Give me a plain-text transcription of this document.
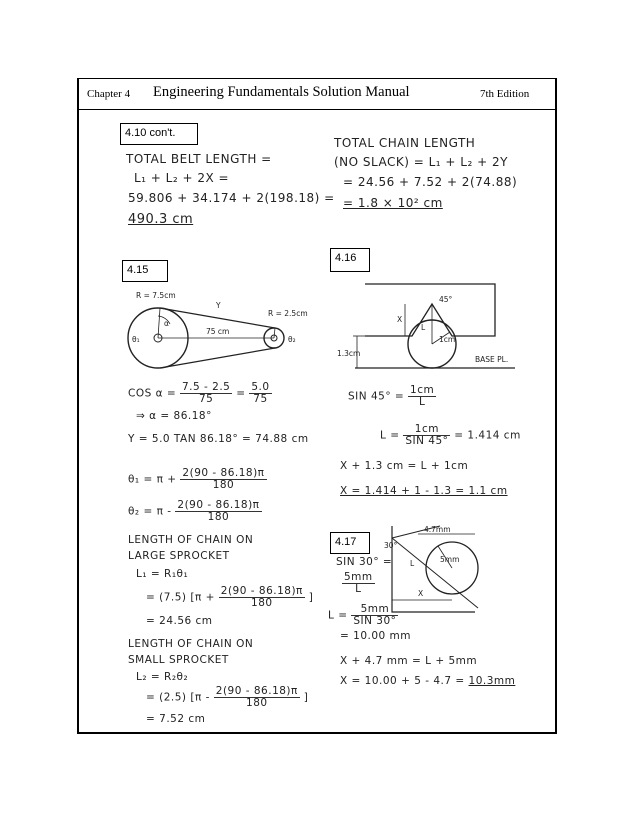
Chapter 4 Engineering Fundamentals Solution Manual	7th Edition
4.10 con't.
TOTAL BELT LENGTH =
L₁ + L₂ + 2X =
59.806 + 34.174 + 2(198.18) =
490.3 cm
TOTAL CHAIN LENGTH
(NO SLACK) = L₁ + L₂ + 2Y
= 24.56 + 7.52 + 2(74.88)
= 1.8 × 10² cm
4.15
R = 7.5cm
R = 2.5cm
Y
α
75 cm
θ₁	θ₂
COS $\alpha = \frac{7.5 - 2.5}{75} = \frac{5.0}{75}$
⇒ α = 86.18°
Y = 5.0 TAN 86.18° = 74.88 cm
$\theta_1 = \pi + \frac{2(90 - 86.18)\pi}{180}$
$\theta_2 = \pi - \frac{2(90 - 86.18)\pi}{180}$
LENGTH OF CHAIN ON
LARGE SPROCKET
L₁ = R₁θ₁
= (7.5) [$\pi + \frac{2(90 - 86.18)\pi}{180}$ ]
= 24.56 cm
LENGTH OF CHAIN ON
SMALL SPROCKET
L₂ = R₂θ₂
= (2.5) [$\pi - \frac{2(90 - 86.18)\pi}{180}$ ]
= 7.52 cm
4.16
45°
X
L
1cm
1.3cm
BASE PL.
SIN $45^\circ = \frac{1cm}{L}$
$L = \frac{1cm}{\text{SIN 45°}} = 1.414$ cm
X + 1.3 cm = L + 1cm
X = 1.414 + 1 - 1.3 = 1.1 cm
4.17
4.7mm
30°
5mm
X
L
SIN 30° =
$\frac{5mm}{L}$
$L = \frac{5mm}{\text{SIN 30°}}$
= 10.00 mm
X + 4.7 mm = L + 5mm
X = 10.00 + 5 - 4.7 = 10.3mm
